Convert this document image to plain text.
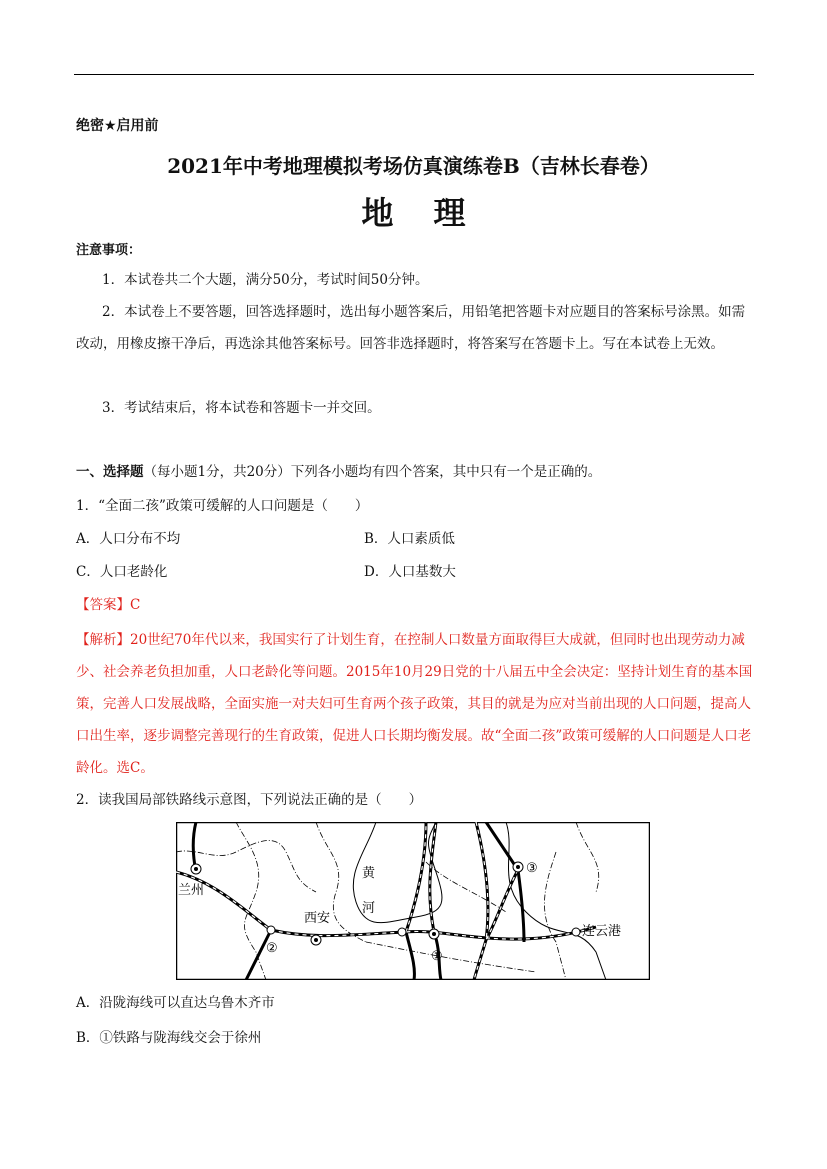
绝密★启用前
2021年中考地理模拟考场仿真演练卷B（吉林长春卷）
地理
注意事项：
1．本试卷共二个大题，满分50分，考试时间50分钟。
2．本试卷上不要答题，回答选择题时，选出每小题答案后，用铅笔把答题卡对应题目的答案标号涂黑。如需改动，用橡皮擦干净后，再选涂其他答案标号。回答非选择题时，将答案写在答题卡上。写在本试卷上无效。
3．考试结束后，将本试卷和答题卡一并交回。
一、选择题（每小题1分，共20分）下列各小题均有四个答案，其中只有一个是正确的。
1．“全面二孩”政策可缓解的人口问题是（　　）
A．人口分布不均	B．人口素质低
C．人口老龄化	D．人口基数大
【答案】C
【解析】20世纪70年代以来，我国实行了计划生育，在控制人口数量方面取得巨大成就，但同时也出现劳动力减少、社会养老负担加重，人口老龄化等问题。2015年10月29日党的十八届五中全会决定：坚持计划生育的基本国策，完善人口发展战略，全面实施一对夫妇可生育两个孩子政策，其目的就是为应对当前出现的人口问题，提高人口出生率，逐步调整完善现行的生育政策，促进人口长期均衡发展。故“全面二孩”政策可缓解的人口问题是人口老龄化。选C。
2．读我国局部铁路线示意图，下列说法正确的是（　　）
兰州
西安
黄
河
连云港
①
②
③
A．沿陇海线可以直达乌鲁木齐市
B．①铁路与陇海线交会于徐州
